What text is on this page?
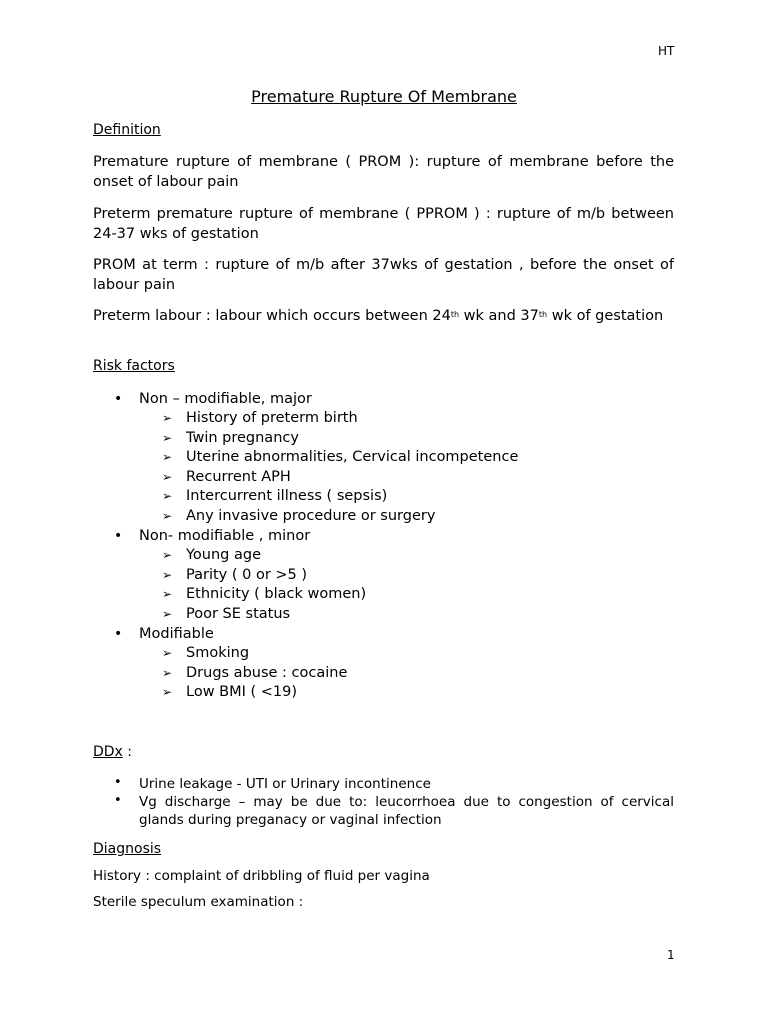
HT
Premature Rupture Of Membrane
Definition
Premature rupture of membrane ( PROM ): rupture of membrane before the onset of labour pain
Preterm premature rupture of membrane ( PPROM ) : rupture of m/b between 24-37 wks of gestation
PROM at term : rupture of m/b after 37wks of gestation , before the onset of labour pain
Preterm labour : labour which occurs between 24th wk and 37th wk of gestation
Risk factors
• Non – modifiable, major
➢ History of preterm birth
➢ Twin pregnancy
➢ Uterine abnormalities, Cervical incompetence
➢ Recurrent APH
➢ Intercurrent illness ( sepsis)
➢ Any invasive procedure or surgery
• Non- modifiable , minor
➢ Young age
➢ Parity ( 0 or >5 )
➢ Ethnicity ( black women)
➢ Poor SE status
• Modifiable
➢ Smoking
➢ Drugs abuse : cocaine
➢ Low BMI ( <19)
DDx :
• Urine leakage - UTI or Urinary incontinence
• Vg discharge – may be due to: leucorrhoea due to congestion of cervical glands during preganacy or vaginal infection
Diagnosis
History : complaint of dribbling of fluid per vagina
Sterile speculum examination :
1
